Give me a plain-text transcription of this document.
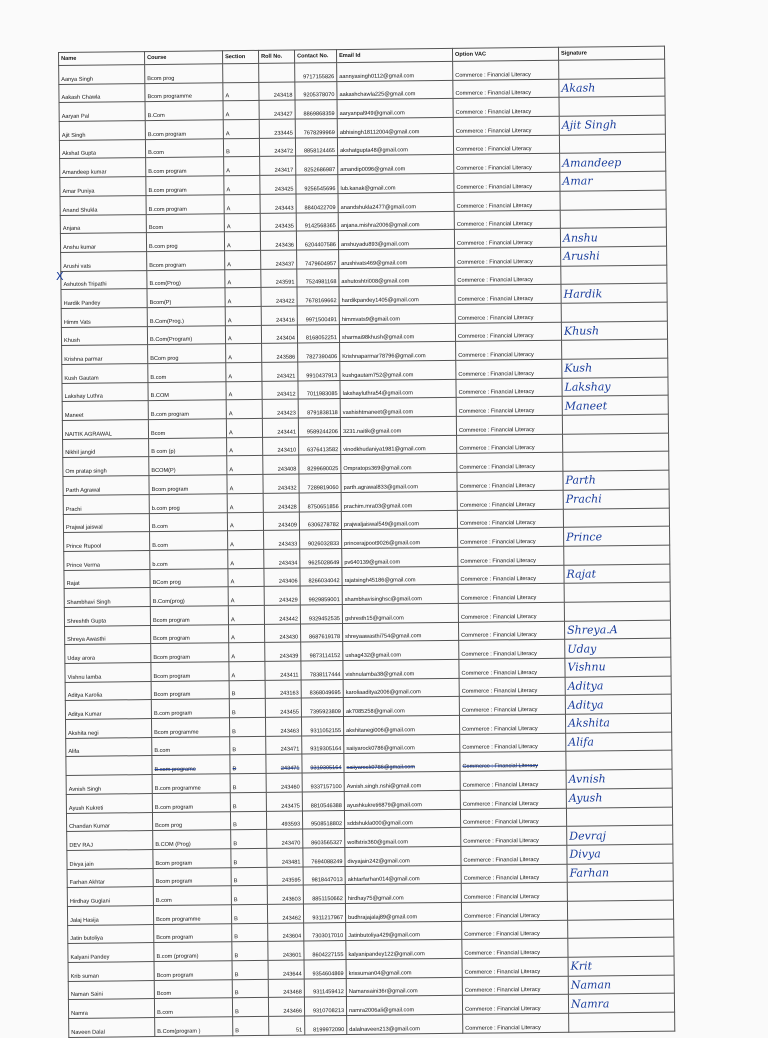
Name	Course	Section	Roll No.	Contact No.	Email Id	Option VAC	Signature
Aanya Singh	Bcom prog			9717155826	aannyasingh0112@gmail.com	Commerce : Financial Literacy	
Aakash Chawla	Bcom programme	A	243418	9205378070	aakashchawla225@gmail.com	Commerce : Financial Literacy	Akash
Aaryan Pal	B.Com	A	243427	8869868359	aaryanpal949@gmail.com	Commerce : Financial Literacy	
Ajit Singh	B.com program	A	233445	7678299969	abhisingh18112004@gmail.com	Commerce : Financial Literacy	Ajit Singh
Akshat Gupta	B.com	B	243472	8858124465	akshatgupta48@gmail.com	Commerce : Financial Literacy	
Amandeep kumar	B.com program	A	243417	8252686987	amandip0096@gmail.com	Commerce : Financial Literacy	Amandeep
Amar Puniya	B.com program	A	243425	9256545696	lub.kanak@gmail.com	Commerce : Financial Literacy	Amar
Anand Shukla	B.com program	A	243443	8840422709	anandshukla2477@gmail.com	Commerce : Financial Literacy	
Anjana	Bcom	A	243435	9142568365	anjana.mishra2006@gmail.com	Commerce : Financial Literacy	
Anshu kumar	B.com prog	A	243436	6204407586	anshuyadu893@gmail.com	Commerce : Financial Literacy	Anshu
Arushi vats	Bcom program	A	243437	7479604957	arushivats469@gmail.com	Commerce : Financial Literacy	Arushi
Ashutosh Tripathi	B.com(Prog)	A	243591	7524981168	ashutoshtri008@gmail.com	Commerce : Financial Literacy	
Hardik Pandey	Bcom(P)	A	243422	7678169662	hardikpandey1405@gmail.com	Commerce : Financial Literacy	Hardik
Himm Vats	B.Com(Prog.)	A	243416	9971500491	himmvats9@gmail.com	Commerce : Financial Literacy	
Khush	B.Com(Program)	A	243404	8168052251	sharmai98khush@gmail.com	Commerce : Financial Literacy	Khush
Krishna parmar	BCom prog	A	243586	7827390406	Krishnaparmar78796@gmail.com	Commerce : Financial Literacy	
Kush Gautam	B.com	A	243421	9910437913	kushgautam752@gmail.com	Commerce : Financial Literacy	Kush
Lakshay Luthra	B.COM	A	243412	7011983085	lakshayluthra54@gmail.com	Commerce : Financial Literacy	Lakshay
Maneet	B.com program	A	243423	8791838118	vashishtmaneet@gmail.com	Commerce : Financial Literacy	Maneet
NAITIK AGRAWAL	Bcom	A	243441	9589244206	3231.naitik@gmail.com	Commerce : Financial Literacy	
Nikhil jangid	B com (p)	A	243410	6376413582	vinodkhudaniya1981@gmail.com	Commerce : Financial Literacy	
Om pratap singh	BCOM(P)	A	243408	8299690025	Ompratops369@gmail.com	Commerce : Financial Literacy	
Parth Agrawal	Bcom program	A	243432	7289819060	parth.agrawal833@gmail.com	Commerce : Financial Literacy	Parth
Prachi	b.com prog	A	243428	8750651856	prachim.mra03@gmail.com	Commerce : Financial Literacy	Prachi
Prajwal jaiswal	B.com	A	243409	6306278782	prajwaljaiswal549@gmail.com	Commerce : Financial Literacy	
Prince Rupool	B.com	A	243433	9026032833	princerajpoot9026@gmail.com	Commerce : Financial Literacy	Prince
Prince Verma	b.com	A	243434	9625028649	pv640139@gmail.com	Commerce : Financial Literacy	
Rajat	BCom prog	A	243406	8266034042	rajatsingh45186@gmail.com	Commerce : Financial Literacy	Rajat
Shambhavi Singh	B.Com(prog)	A	243429	9929859001	shambhavisinghsc@gmail.com	Commerce : Financial Literacy	
Shreshth Gupta	Bcom program	A	243442	9329452535	gshresth15@gmail.com	Commerce : Financial Literacy	
Shreya Awasthi	Bcom program	A	243430	8687619178	shreyaawasthi754@gmail.com	Commerce : Financial Literacy	Shreya.A
Uday arora	Bcom program	A	243439	9873114152	ushag432@gmail.com	Commerce : Financial Literacy	Uday
Vishnu lamba	Bcom program	A	243411	7838117444	vishnulamba38@gmail.com	Commerce : Financial Literacy	Vishnu
Aditya Karolia	Bcom program	B	243163	8368049695	karoliaaditya2006@gmail.com	Commerce : Financial Literacy	Aditya
Aditya Kumar	B.com program	B	243455	7395923809	ak7085258@gmail.com	Commerce : Financial Literacy	Aditya
Akshita negi	Bcom programme	B	243463	9311052155	akshitanegi006@gmail.com	Commerce : Financial Literacy	Akshita
Alifa	B.com	B	243471	9319305164	saiiyarock0786@gmail.com	Commerce : Financial Literacy	Alifa
	B.com programe	B	243471	9319305164	saiiyarock0786@gmail.com	Commerce : Financial Literacy	
Avnish Singh	B.com programme	B	243460	9337157100	Avnish.singh.nshi@gmail.com	Commerce : Financial Literacy	Avnish
Ayush Kukreti	B.com program	B	243475	8810546388	ayushkukreti6879@gmail.com	Commerce : Financial Literacy	Ayush
Chandan Kumar	Bcom prog	B	493593	9508518802	sddshukla000@gmail.com	Commerce : Financial Literacy	
DEV RAJ	B.COM (Prog)	B	243470	8603565327	wolfstrix360@gmail.com	Commerce : Financial Literacy	Devraj
Divya jain	Bcom program	B	243481	7694088249	divyajain242@gmail.com	Commerce : Financial Literacy	Divya
Farhan Akhtar	Bcom program	B	243595	9818447013	akhtarfarhan014@gmail.com	Commerce : Financial Literacy	Farhan
Hirdhay Guglani	B.com	B	243603	8851150662	hirdhay75@gmail.com	Commerce : Financial Literacy	
Jalaj Hasija	Bcom programme	B	243462	9311217967	budhrajajalaj89@gmail.com	Commerce : Financial Literacy	
Jatin butoliya	Bcom program	B	243604	7303017010	Jatinbutoliya429@gmail.com	Commerce : Financial Literacy	
Kalyani Pandey	B.com (program)	B	243601	8604227155	kalyanipandey122@gmail.com	Commerce : Financial Literacy	
Krib suman	Bcom program	B	243644	9354604869	krissuman04@gmail.com	Commerce : Financial Literacy	Krit
Naman Saini	Bcom	B	243468	9311459412	Namansaini36r@gmail.com	Commerce : Financial Literacy	Naman
Namra	B.com	B	243466	9310708213	namra2006ali@gmail.com	Commerce : Financial Literacy	Namra
Naveen Dalal	B.Com(program )	B	51	8199972090	dalalnaveen213@gmail.com	Commerce : Financial Literacy	
X
